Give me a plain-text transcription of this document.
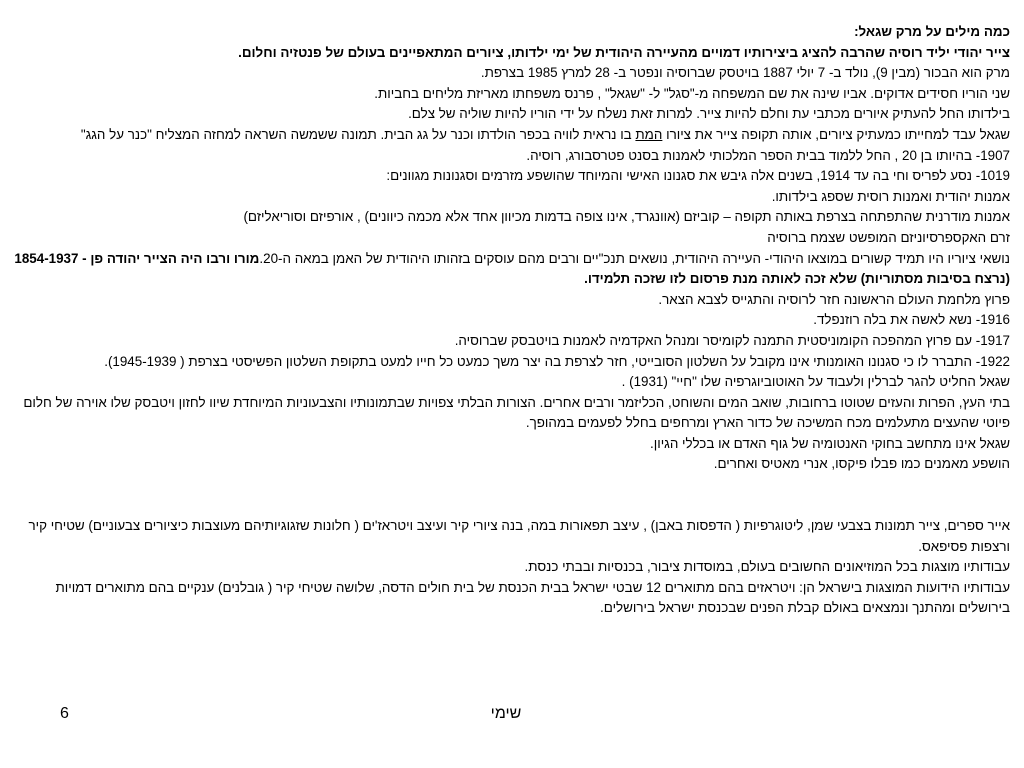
כמה מילים על מרק שגאל:
צייר יהודי יליד רוסיה שהרבה להציג ביצירותיו דמויים מהעיירה היהודית של ימי ילדותו, ציורים המתאפיינים בעולם של פנטזיה וחלום.
מרק הוא הבכור (מבין 9), נולד ב- 7 יולי 1887 בויטסק שברוסיה ונפטר ב- 28 למרץ 1985 בצרפת.
שני הוריו חסידים אדוקים. אביו שינה את שם המשפחה מ-"סגל" ל- "שגאל" , פרנס משפחתו מאריזת מליחים בחביות.
בילדותו החל להעתיק איורים מכתבי עת וחלם להיות צייר. למרות זאת נשלח על ידי הוריו להיות שוליה של צלם.
שגאל עבד למחייתו כמעתיק ציורים, אותה תקופה צייר את ציורו המת בו נראית לוויה בכפר הולדתו וכנר על גג הבית. תמונה ששמשה השראה למחזה המצליח "כנר על הגג"
1907- בהיותו בן 20 , החל ללמוד בבית הספר המלכותי לאמנות בסנט פטרסבורג, רוסיה.
1019- נסע לפריס וחי בה עד 1914, בשנים אלה גיבש את סגנונו האישי והמיוחד שהושפע מזרמים וסגנונות מגוונים:
אמנות יהודית ואמנות רוסית שספג בילדותו.
אמנות מודרנית שהתפתחה בצרפת באותה תקופה – קוביזם (אוונגרד, אינו צופה בדמות מכיוון אחד אלא מכמה כיוונים) , אורפיזם וסוריאליזם)
זרם האקספרסיוניזם המופשט שצמח ברוסיה
נושאי ציוריו היו תמיד קשורים במוצאו היהודי- העיירה היהודית, נושאים תנכ"יים ורבים מהם עוסקים בזהותו היהודית של האמן במאה ה-20.מורו ורבו היה הצייר יהודה פן - 1854-1937 (נרצח בסיבות מסתוריות) שלא זכה לאותה מנת פרסום לזו שזכה תלמידו.
פרוץ מלחמת העולם הראשונה חזר לרוסיה והתגייס לצבא הצאר.
1916- נשא לאשה את בלה רוזנפלד.
1917- עם פרוץ המהפכה הקומוניסטית התמנה לקומיסר ומנהל האקדמיה לאמנות בויטבסק שברוסיה.
1922- התברר לו כי סגנונו האומנותי אינו מקובל על השלטון הסובייטי, חזר לצרפת בה יצר משך כמעט כל חייו למעט בתקופת השלטון הפשיסטי בצרפת ( 1945-1939).
שגאל החליט להגר לברלין ולעבוד על האוטוביוגרפיה שלו "חיי" (1931) .
בתי העץ, הפרות והעזים שטוטו ברחובות, שואב המים והשוחט, הכליזמר ורבים אחרים. הצורות הבלתי צפויות שבתמונותיו והצבעוניות המיוחדת שיוו לחזון ויטבסק שלו אוירה של חלום פיוטי שהעצים מתעלמים מכח המשיכה של כדור הארץ ומרחפים בחלל לפעמים במהופך.
שגאל אינו מתחשב בחוקי האנטומיה של גוף האדם או בכללי הגיון.
הושפע מאמנים כמו פבלו פיקסו, אנרי מאטיס ואחרים.
אייר ספרים, צייר תמונות בצבעי שמן, ליטוגרפיות ( הדפסות באבן) , עיצב תפאורות במה, בנה ציורי קיר ועיצב ויטראז'ים ( חלונות שזגוגיותיהם מעוצבות כיציורים צבעוניים) שטיחי קיר ורצפות פסיפאס.
עבודותיו מוצגות בכל המוזיאונים החשובים בעולם, במוסדות ציבור, בכנסיות ובבתי כנסת.
עבודותיו הידועות המוצגות בישראל הן: ויטראזים בהם מתוארים 12 שבטי ישראל בבית הכנסת של בית חולים הדסה, שלושה שטיחי קיר ( גובלנים) ענקיים בהם מתוארים דמויות בירושלים ומהתנך ונמצאים באולם קבלת הפנים שבכנסת ישראל בירושלים.
שימי
6
